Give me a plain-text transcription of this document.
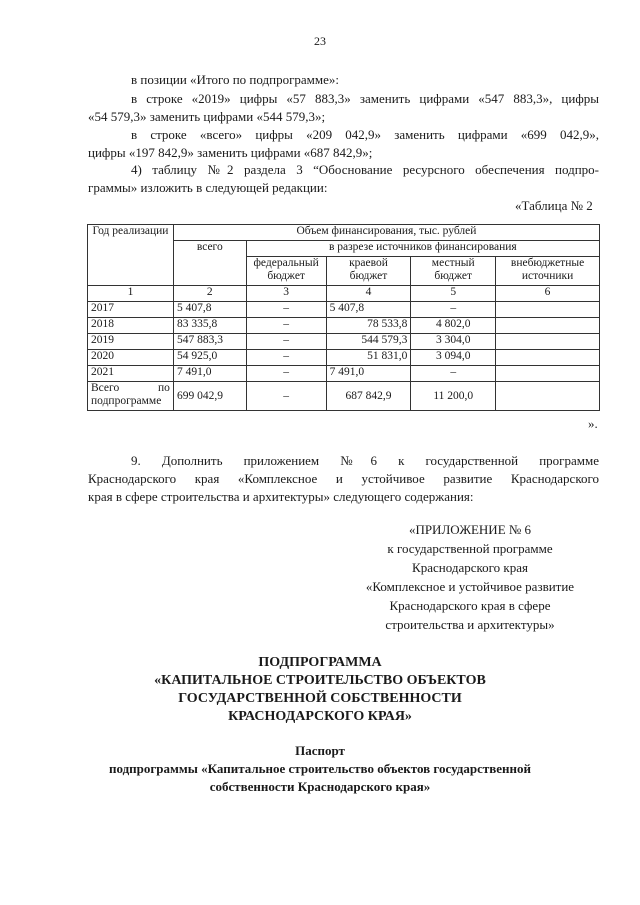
23
в позиции «Итого по подпрограмме»:
в строке «2019» цифры «57 883,3» заменить цифрами «547 883,3», цифры
«54 579,3» заменить цифрами «544 579,3»;
в строке «всего» цифры «209 042,9» заменить цифрами «699 042,9»,
цифры «197 842,9» заменить цифрами «687 842,9»;
4) таблицу №2 раздела 3 “Обоснование ресурсного обеспечения подпро-
граммы» изложить в следующей редакции:
«Таблица № 2
Год реализации	Объем финансирования, тыс. рублей				
	всего	в разрезе источников финансирования			
		федеральный бюджет	краевой бюджет	местный бюджет	внебюджетные источники
1	2	3	4	5	6
2017	5 407,8	–	5 407,8	–	
2018	83 335,8	–	78 533,8	4 802,0	
2019	547 883,3	–	544 579,3	3 304,0	
2020	54 925,0	–	51 831,0	3 094,0	
2021	7 491,0	–	7 491,0	–	
Всего по подпрограмме	699 042,9	–	687 842,9	11 200,0	
».
9. Дополнить приложением №6 к государственной программе
Краснодарского края «Комплексное и устойчивое развитие Краснодарского
края в сфере строительства и архитектуры» следующего содержания:
«ПРИЛОЖЕНИЕ № 6
к государственной программе
Краснодарского края
«Комплексное и устойчивое развитие
Краснодарского края в сфере
строительства и архитектуры»
ПОДПРОГРАММА
«КАПИТАЛЬНОЕ СТРОИТЕЛЬСТВО ОБЪЕКТОВ
ГОСУДАРСТВЕННОЙ СОБСТВЕННОСТИ
КРАСНОДАРСКОГО КРАЯ»
Паспорт
подпрограммы «Капитальное строительство объектов государственной
собственности Краснодарского края»
